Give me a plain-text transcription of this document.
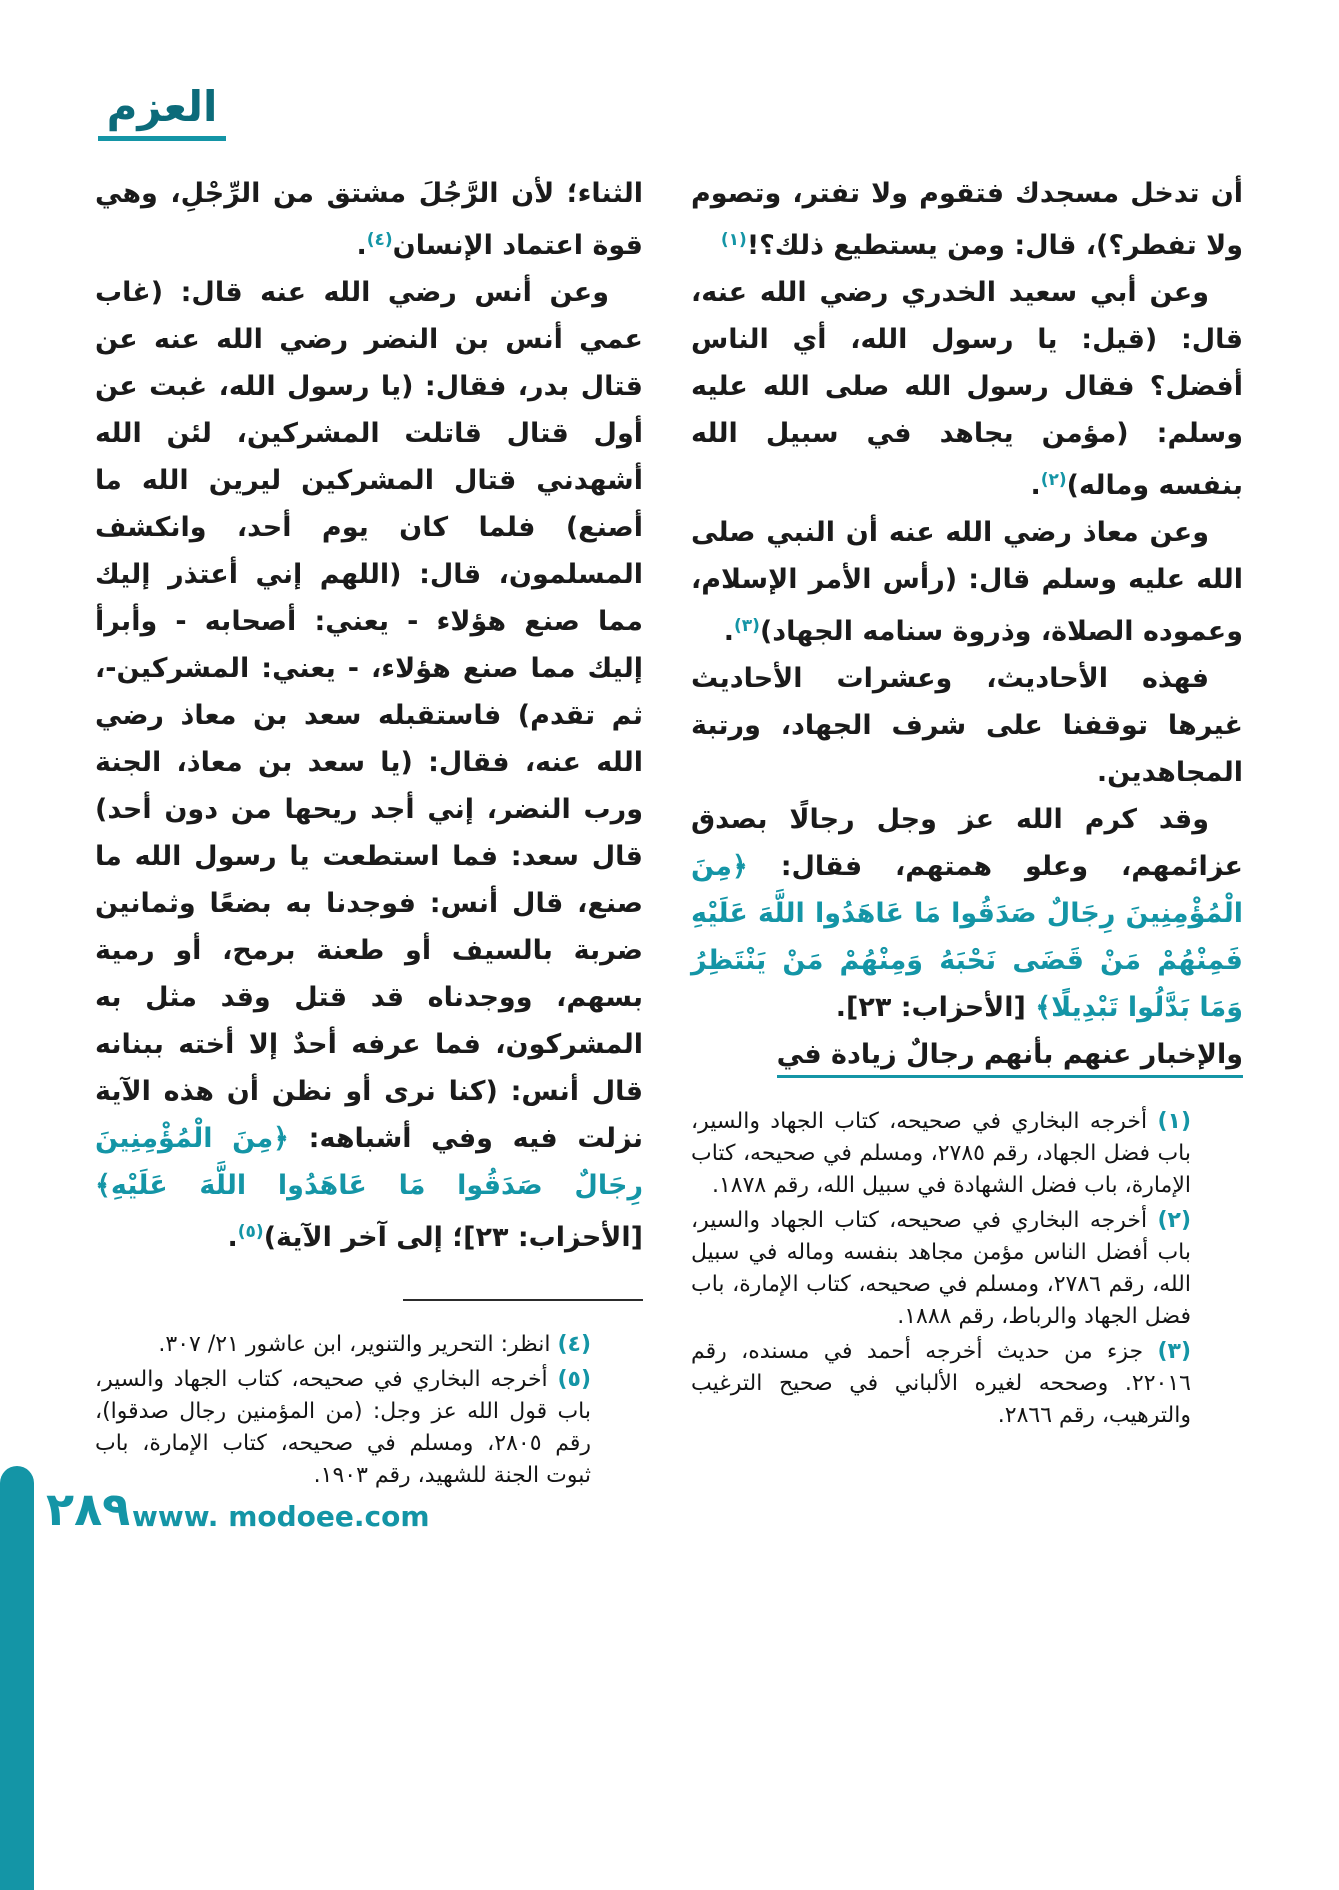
العزم

أن تدخل مسجدك فتقوم ولا تفتر، وتصوم ولا تفطر؟)، قال: ومن يستطيع ذلك؟!$^{(١)}$

وعن أبي سعيد الخدري رضي الله عنه، قال: (قيل: يا رسول الله، أي الناس أفضل؟ فقال رسول الله صلى الله عليه وسلم: (مؤمن يجاهد في سبيل الله بنفسه وماله)$^{(٢)}$.

وعن معاذ رضي الله عنه أن النبي صلى الله عليه وسلم قال: (رأس الأمر الإسلام، وعموده الصلاة، وذروة سنامه الجهاد)$^{(٣)}$.

فهذه الأحاديث، وعشرات الأحاديث غيرها توقفنا على شرف الجهاد، ورتبة المجاهدين.

وقد كرم الله عز وجل رجالًا بصدق عزائمهم، وعلو همتهم، فقال: ﴿مِنَ الْمُؤْمِنِينَ رِجَالٌ صَدَقُوا مَا عَاهَدُوا اللَّهَ عَلَيْهِ فَمِنْهُمْ مَنْ قَضَى نَحْبَهُ وَمِنْهُمْ مَنْ يَنْتَظِرُ وَمَا بَدَّلُوا تَبْدِيلًا﴾ [الأحزاب: ٢٣].

والإخبار عنهم بأنهم رجالٌ زيادة في

(١) أخرجه البخاري في صحيحه، كتاب الجهاد والسير، باب فضل الجهاد، رقم ٢٧٨٥، ومسلم في صحيحه، كتاب الإمارة، باب فضل الشهادة في سبيل الله، رقم ١٨٧٨.

(٢) أخرجه البخاري في صحيحه، كتاب الجهاد والسير، باب أفضل الناس مؤمن مجاهد بنفسه وماله في سبيل الله، رقم ٢٧٨٦، ومسلم في صحيحه، كتاب الإمارة، باب فضل الجهاد والرباط، رقم ١٨٨٨.

(٣) جزء من حديث أخرجه أحمد في مسنده، رقم ٢٢٠١٦. وصححه لغيره الألباني في صحيح الترغيب والترهيب، رقم ٢٨٦٦.

الثناء؛ لأن الرَّجُلَ مشتق من الرِّجْلِ، وهي قوة اعتماد الإنسان$^{(٤)}$.

وعن أنس رضي الله عنه قال: (غاب عمي أنس بن النضر رضي الله عنه عن قتال بدر، فقال: (يا رسول الله، غبت عن أول قتال قاتلت المشركين، لئن الله أشهدني قتال المشركين ليرين الله ما أصنع) فلما كان يوم أحد، وانكشف المسلمون، قال: (اللهم إني أعتذر إليك مما صنع هؤلاء - يعني: أصحابه - وأبرأ إليك مما صنع هؤلاء، - يعني: المشركين-، ثم تقدم) فاستقبله سعد بن معاذ رضي الله عنه، فقال: (يا سعد بن معاذ، الجنة ورب النضر، إني أجد ريحها من دون أحد) قال سعد: فما استطعت يا رسول الله ما صنع، قال أنس: فوجدنا به بضعًا وثمانين ضربة بالسيف أو طعنة برمح، أو رمية بسهم، ووجدناه قد قتل وقد مثل به المشركون، فما عرفه أحدٌ إلا أخته ببنانه قال أنس: (كنا نرى أو نظن أن هذه الآية نزلت فيه وفي أشباهه: ﴿مِنَ الْمُؤْمِنِينَ رِجَالٌ صَدَقُوا مَا عَاهَدُوا اللَّهَ عَلَيْهِ﴾ [الأحزاب: ٢٣]؛ إلى آخر الآية)$^{(٥)}$.

(٤) انظر: التحرير والتنوير، ابن عاشور ٢١/ ٣٠٧.

(٥) أخرجه البخاري في صحيحه، كتاب الجهاد والسير، باب قول الله عز وجل: (من المؤمنين رجال صدقوا)، رقم ٢٨٠٥، ومسلم في صحيحه، كتاب الإمارة، باب ثبوت الجنة للشهيد، رقم ١٩٠٣.

٢٨٩ www. modoee.com
